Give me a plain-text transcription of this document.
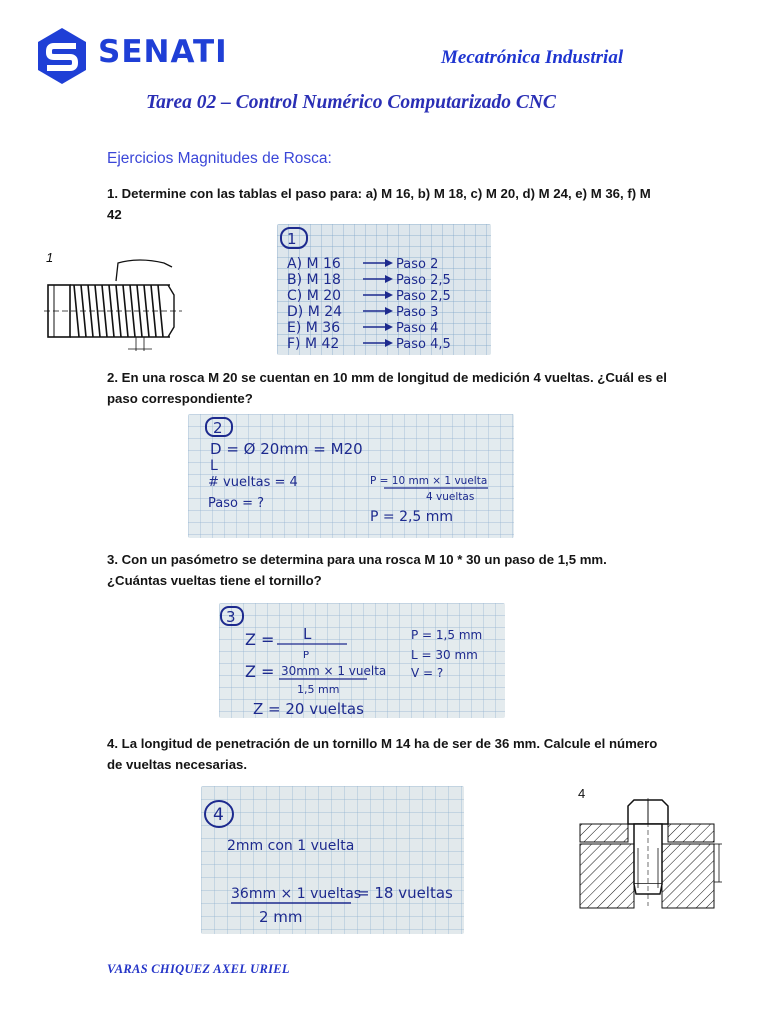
SENATI	Mecatrónica Industrial
Tarea 02 – Control Numérico Computarizado CNC
Ejercicios Magnitudes de Rosca:
1. Determine con las tablas el paso para: a) M 16, b) M 18, c) M 20, d) M 24, e) M 36, f) M 42
1
1
A) M 16	Paso 2
B) M 18	Paso 2,5
C) M 20	Paso 2,5
D) M 24	Paso 3
E) M 36	Paso 4
F) M 42	Paso 4,5
2. En una rosca M 20 se cuentan en 10 mm de longitud de medición 4 vueltas. ¿Cuál es el paso correspondiente?
2
D = Ø 20mm = M20
L
# vueltas = 4
Paso = ?
P = 10 mm × 1 vuelta
4 vueltas
P = 2,5 mm
3. Con un pasómetro se determina para una rosca M 10 * 30 un paso de 1,5 mm. ¿Cuántas vueltas tiene el tornillo?
3
Z = L
P
Z = 30mm × 1 vuelta
1,5 mm
Z = 20 vueltas
P = 1,5 mm
L = 30 mm
V = ?
4. La longitud de penetración de un tornillo M 14 ha de ser de 36 mm. Calcule el número de vueltas necesarias.
4
2mm con 1 vuelta
36mm × 1 vueltas
2 mm
= 18 vueltas
4
VARAS CHIQUEZ AXEL URIEL
